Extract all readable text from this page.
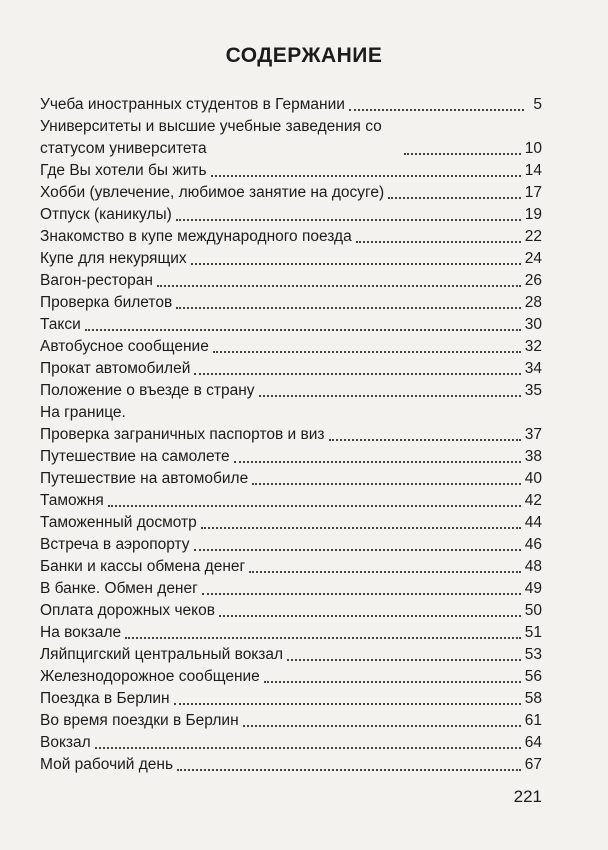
СОДЕРЖАНИЕ
Учеба иностранных студентов в Германии	5
Университеты и высшие учебные заведения со статусом университета	10
Где Вы хотели бы жить	14
Хобби (увлечение, любимое занятие на досуге)	17
Отпуск (каникулы)	19
Знакомство в купе международного поезда	22
Купе для некурящих	24
Вагон-ресторан	26
Проверка билетов	28
Такси	30
Автобусное сообщение	32
Прокат автомобилей	34
Положение о въезде в страну	35
На границе.
Проверка заграничных паспортов и виз	37
Путешествие на самолете	38
Путешествие на автомобиле	40
Таможня	42
Таможенный досмотр	44
Встреча в аэропорту	46
Банки и кассы обмена денег	48
В банке. Обмен денег	49
Оплата дорожных чеков	50
На вокзале	51
Ляйпцигский центральный вокзал	53
Железнодорожное сообщение	56
Поездка в Берлин	58
Во время поездки в Берлин	61
Вокзал	64
Мой рабочий день	67
221
